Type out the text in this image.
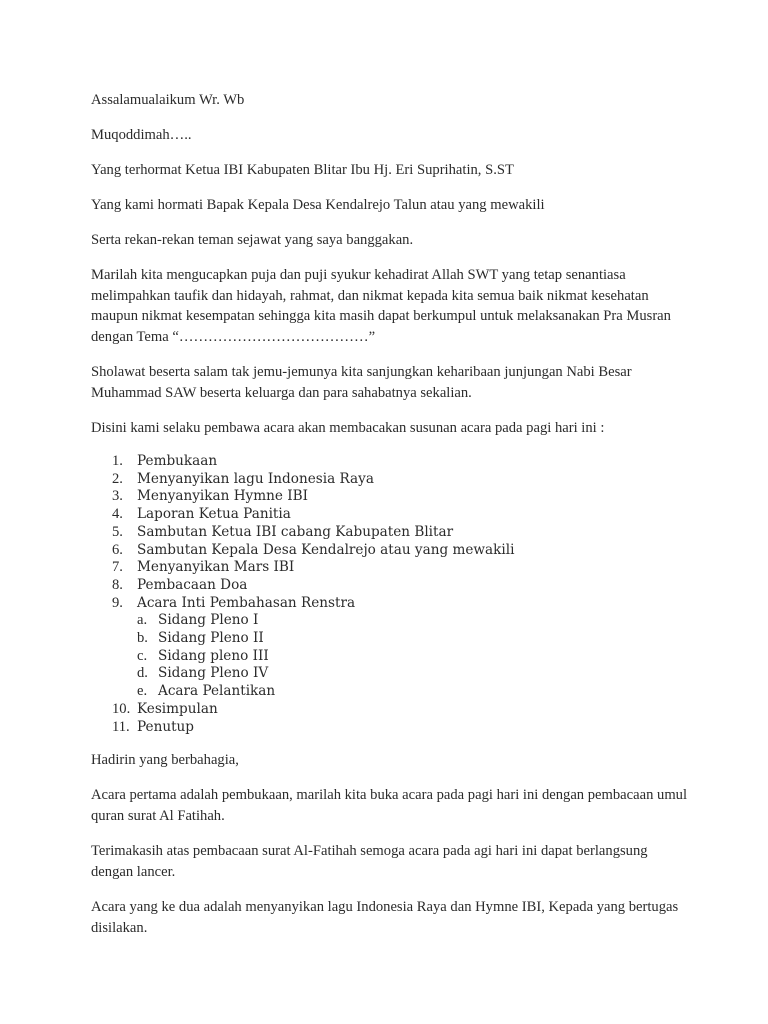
Assalamualaikum Wr. Wb

Muqoddimah…..

Yang terhormat Ketua IBI Kabupaten Blitar Ibu Hj. Eri Suprihatin, S.ST

Yang kami hormati Bapak Kepala Desa Kendalrejo Talun atau yang mewakili

Serta rekan-rekan teman sejawat yang saya banggakan.

Marilah kita mengucapkan puja dan puji syukur kehadirat Allah SWT yang tetap senantiasa melimpahkan taufik dan hidayah, rahmat, dan nikmat kepada kita semua baik nikmat kesehatan maupun nikmat kesempatan sehingga kita masih dapat berkumpul untuk melaksanakan Pra Musran dengan Tema “…………………………………”

Sholawat beserta salam tak jemu-jemunya kita sanjungkan keharibaan junjungan Nabi Besar Muhammad SAW beserta keluarga dan para sahabatnya sekalian.

Disini kami selaku pembawa acara akan membacakan susunan acara pada pagi hari ini :

1.	Pembukaan
2.	Menyanyikan lagu Indonesia Raya
3.	Menyanyikan Hymne IBI
4.	Laporan Ketua Panitia
5.	Sambutan Ketua IBI cabang Kabupaten Blitar
6.	Sambutan Kepala Desa Kendalrejo atau yang mewakili
7.	Menyanyikan Mars IBI
8.	Pembacaan Doa
9.	Acara Inti Pembahasan Renstra
a. Sidang Pleno I
b. Sidang Pleno II
c. Sidang pleno III
d. Sidang Pleno IV
e. Acara Pelantikan
10. Kesimpulan
11. Penutup

Hadirin yang berbahagia,

Acara pertama adalah pembukaan, marilah kita buka acara pada pagi hari ini dengan pembacaan umul quran surat Al Fatihah.

Terimakasih atas pembacaan surat Al-Fatihah semoga acara pada agi hari ini dapat berlangsung dengan lancer.

Acara yang ke dua adalah menyanyikan lagu Indonesia Raya dan Hymne IBI, Kepada yang bertugas disilakan.
